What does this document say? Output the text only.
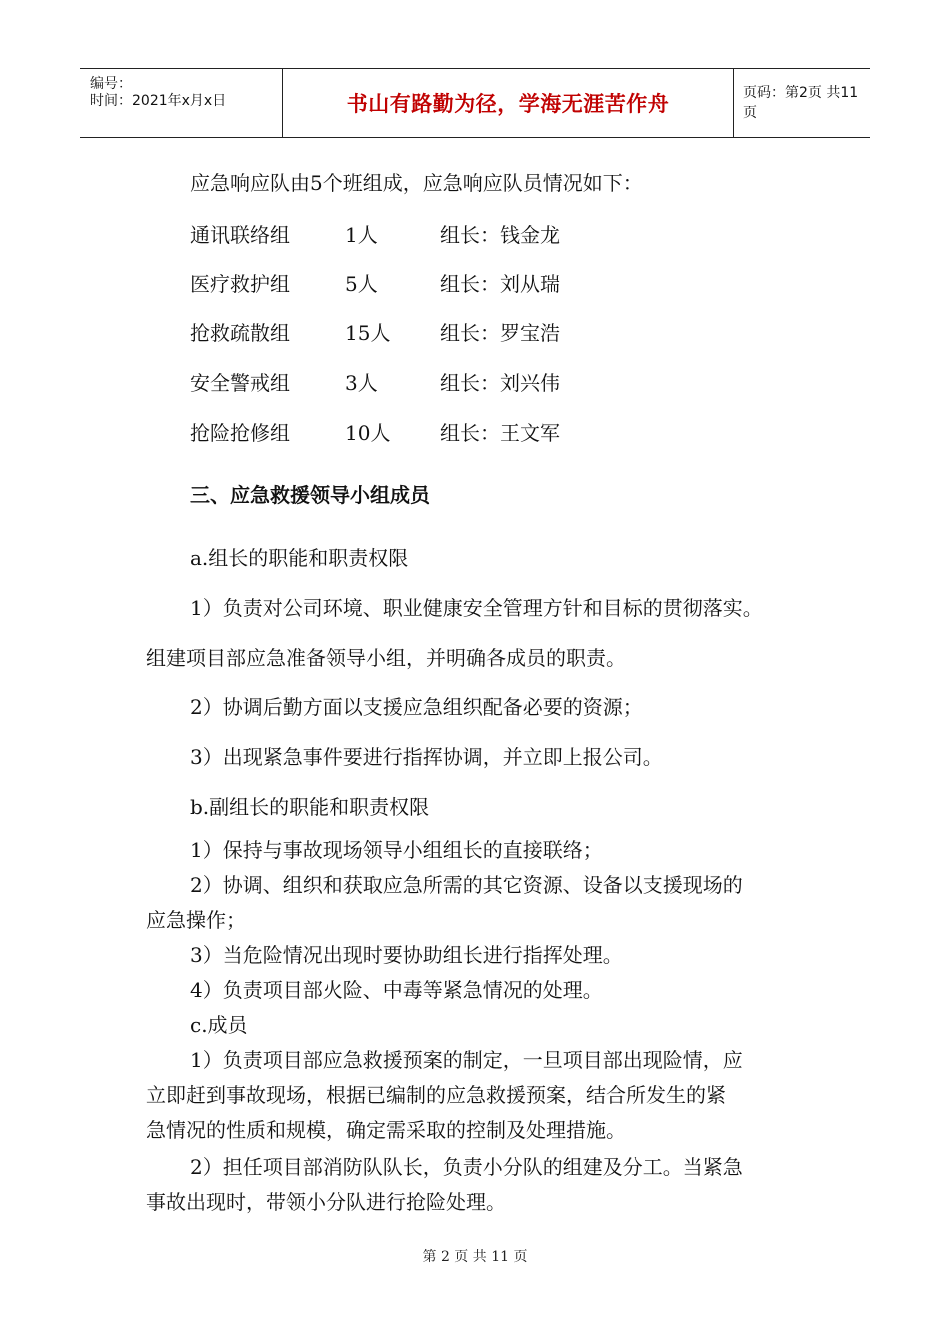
编号：
时间：2021年x月x日	书山有路勤为径，学海无涯苦作舟	页码：第2页 共11页
应急响应队由5个班组成，应急响应队员情况如下：
通讯联络组	1人	组长：钱金龙
医疗救护组	5人	组长：刘从瑞
抢救疏散组	15人 组长：罗宝浩
安全警戒组	3人	组长：刘兴伟
抢险抢修组	10人 组长：王文军
三、应急救援领导小组成员
a.组长的职能和职责权限
1）负责对公司环境、职业健康安全管理方针和目标的贯彻落实。
组建项目部应急准备领导小组，并明确各成员的职责。
2）协调后勤方面以支援应急组织配备必要的资源；
3）出现紧急事件要进行指挥协调，并立即上报公司。
b.副组长的职能和职责权限
1）保持与事故现场领导小组组长的直接联络；
2）协调、组织和获取应急所需的其它资源、设备以支援现场的
应急操作；
3）当危险情况出现时要协助组长进行指挥处理。
4）负责项目部火险、中毒等紧急情况的处理。
c.成员
1）负责项目部应急救援预案的制定，一旦项目部出现险情，应
立即赶到事故现场，根据已编制的应急救援预案，结合所发生的紧
急情况的性质和规模，确定需采取的控制及处理措施。
2）担任项目部消防队队长，负责小分队的组建及分工。当紧急
事故出现时，带领小分队进行抢险处理。
第 2 页 共 11 页
